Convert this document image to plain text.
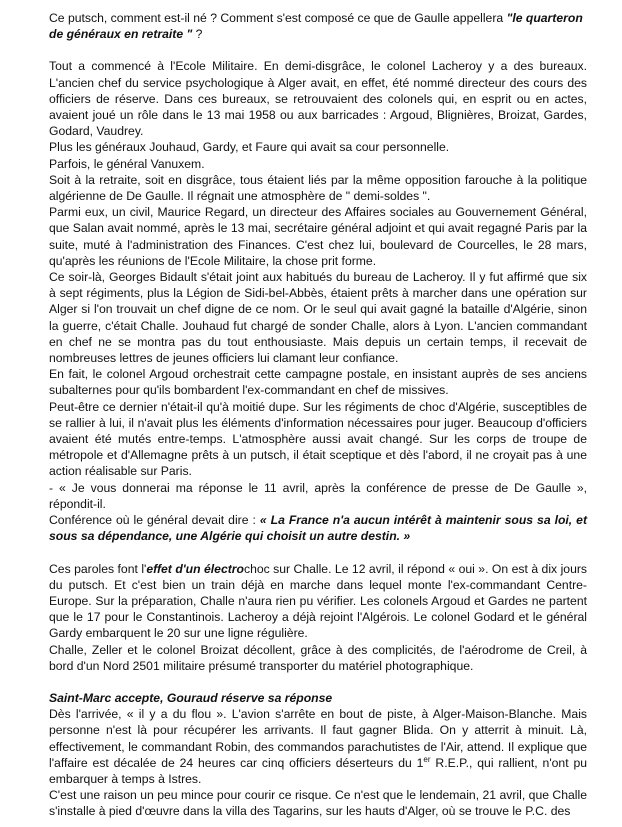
Ce putsch, comment est-il né ? Comment s'est composé ce que de Gaulle appellera "le quarteron de généraux en retraite " ?

Tout a commencé à l'Ecole Militaire. En demi-disgrâce, le colonel Lacheroy y a des bureaux. L'ancien chef du service psychologique à Alger avait, en effet, été nommé directeur des cours des officiers de réserve. Dans ces bureaux, se retrouvaient des colonels qui, en esprit ou en actes, avaient joué un rôle dans le 13 mai 1958 ou aux barricades : Argoud, Blignières, Broizat, Gardes, Godard, Vaudrey.

Plus les généraux Jouhaud, Gardy, et Faure qui avait sa cour personnelle.

Parfois, le général Vanuxem.

Soit à la retraite, soit en disgrâce, tous étaient liés par la même opposition farouche à la politique algérienne de De Gaulle. Il régnait une atmosphère de " demi-soldes ".

Parmi eux, un civil, Maurice Regard, un directeur des Affaires sociales au Gouvernement Général, que Salan avait nommé, après le 13 mai, secrétaire général adjoint et qui avait regagné Paris par la suite, muté à l'administration des Finances. C'est chez lui, boulevard de Courcelles, le 28 mars, qu'après les réunions de l'Ecole Militaire, la chose prit forme.

Ce soir-là, Georges Bidault s'était joint aux habitués du bureau de Lacheroy. Il y fut affirmé que six à sept régiments, plus la Légion de Sidi-bel-Abbès, étaient prêts à marcher dans une opération sur Alger si l'on trouvait un chef digne de ce nom. Or le seul qui avait gagné la bataille d'Algérie, sinon la guerre, c'était Challe. Jouhaud fut chargé de sonder Challe, alors à Lyon. L'ancien commandant en chef ne se montra pas du tout enthousiaste. Mais depuis un certain temps, il recevait de nombreuses lettres de jeunes officiers lui clamant leur confiance.

En fait, le colonel Argoud orchestrait cette campagne postale, en insistant auprès de ses anciens subalternes pour qu'ils bombardent l'ex-commandant en chef de missives.

Peut-être ce dernier n'était-il qu'à moitié dupe. Sur les régiments de choc d'Algérie, susceptibles de se rallier à lui, il n'avait plus les éléments d'information nécessaires pour juger. Beaucoup d'officiers avaient été mutés entre-temps. L'atmosphère aussi avait changé. Sur les corps de troupe de métropole et d'Allemagne prêts à un putsch, il était sceptique et dès l'abord, il ne croyait pas à une action réalisable sur Paris.

- « Je vous donnerai ma réponse le 11 avril, après la conférence de presse de De Gaulle », répondit-il.

Conférence où le général devait dire : « La France n'a aucun intérêt à maintenir sous sa loi, et sous sa dépendance, une Algérie qui choisit un autre destin. »

Ces paroles font l'effet d'un électrochoc sur Challe. Le 12 avril, il répond « oui ». On est à dix jours du putsch. Et c'est bien un train déjà en marche dans lequel monte l'ex-commandant Centre-Europe. Sur la préparation, Challe n'aura rien pu vérifier. Les colonels Argoud et Gardes ne partent que le 17 pour le Constantinois. Lacheroy a déjà rejoint l'Algérois. Le colonel Godard et le général Gardy embarquent le 20 sur une ligne régulière.

Challe, Zeller et le colonel Broizat décollent, grâce à des complicités, de l'aérodrome de Creil, à bord d'un Nord 2501 militaire présumé transporter du matériel photographique.

Saint-Marc accepte, Gouraud réserve sa réponse

Dès l'arrivée, « il y a du flou ». L'avion s'arrête en bout de piste, à Alger-Maison-Blanche. Mais personne n'est là pour récupérer les arrivants. Il faut gagner Blida. On y atterrit à minuit. Là, effectivement, le commandant Robin, des commandos parachutistes de l'Air, attend. Il explique que l'affaire est décalée de 24 heures car cinq officiers déserteurs du 1er R.E.P., qui rallient, n'ont pu embarquer à temps à Istres.

C'est une raison un peu mince pour courir ce risque. Ce n'est que le lendemain, 21 avril, que Challe s'installe à pied d'œuvre dans la villa des Tagarins, sur les hauts d'Alger, où se trouve le P.C. des
